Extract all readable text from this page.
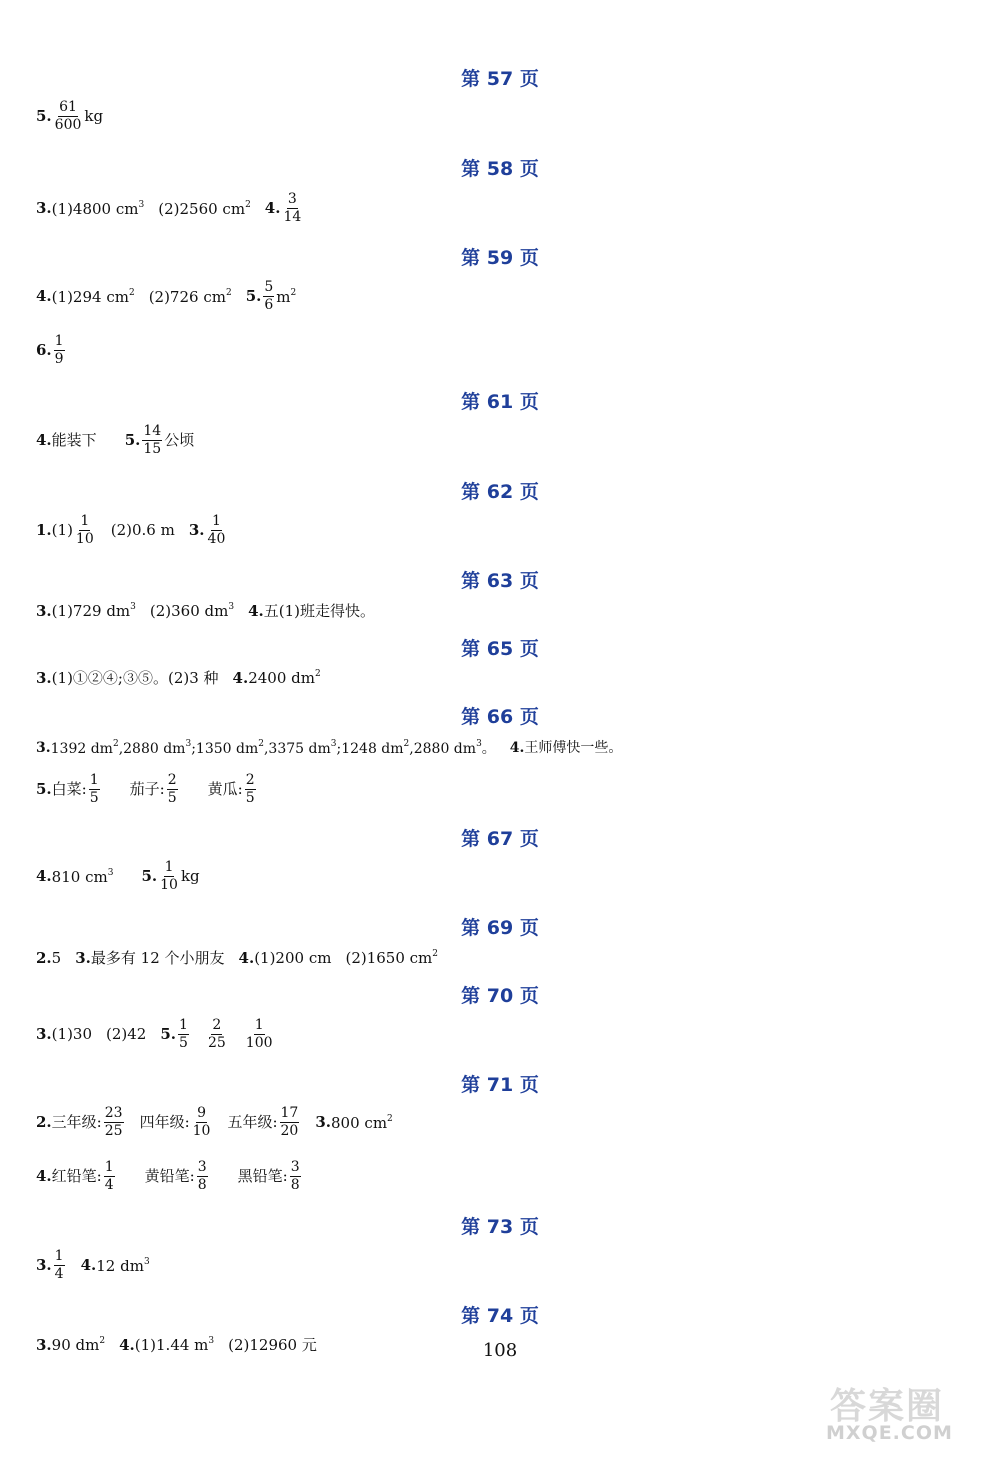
第 57 页
5. $\frac{61}{600}$ kg
第 58 页
3. (1)4800 $cm^3$ (2)2560 $cm^2$ 4. $\frac{3}{14}$
第 59 页
4. (1)294 $cm^2$ (2)726 $cm^2$ 5. $\frac{5}{6} m^2$
6. $\frac{1}{9}$
第 61 页
4. 能装下 5. $\frac{14}{15}$ 公顷
第 62 页
1. $(1) \frac{1}{10} (2)0.6$ m 3. $\frac{1}{40}$
第 63 页
3. (1)729 $dm^3$ (2)360 $dm^3$ 4. 五(1)班走得快。
第 65 页
3. (1)①②④;③⑤。(2)3 种 4. 2400 $dm^2$
第 66 页
3. 1392 $dm^2,2880$ $dm^3;1350$ $dm^2,3375$ $dm^3;1248$ $dm^2,2880$ $dm^3$。 4. 王师傅快一些。
5. 白菜: $\frac{1}{5}$ 茄子: $\frac{2}{5}$ 黄瓜: $\frac{2}{5}$
第 67 页
4. 810 $cm^3$ 5. $\frac{1}{10}$ kg
第 69 页
2. 5 3. 最多有 12 个小朋友 4. (1)200 cm (2)1650 $cm^2$
第 70 页
3. (1)30 (2)42 5. $\frac{1}{5} \frac{2}{25} \frac{1}{100}$
第 71 页
2. 三年级: $\frac{23}{25}$ 四年级: $\frac{9}{10}$ 五年级: $\frac{17}{20} 3$. 800 $cm^2$
4. 红铅笔: $\frac{1}{4}$ 黄铅笔: $\frac{3}{8}$ 黑铅笔: $\frac{3}{8}$
第 73 页
3. $\frac{1}{4} 4$. 12 $dm^3$
第 74 页
3. 90 $dm^2$ 4. (1)1.44 $m^3$ (2)12960 元	108
答案圈
MXQE.COM
